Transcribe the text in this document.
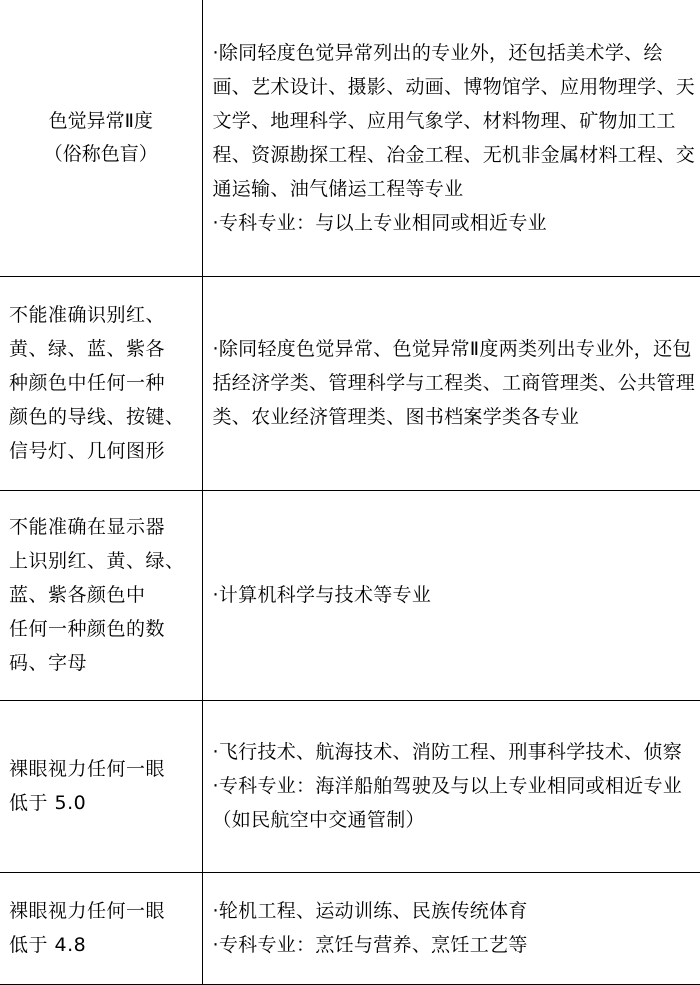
色觉异常Ⅱ度
（俗称色盲）	·除同轻度色觉异常列出的专业外，还包括美术学、绘画、艺术设计、摄影、动画、博物馆学、应用物理学、天文学、地理科学、应用气象学、材料物理、矿物加工工程、资源勘探工程、冶金工程、无机非金属材料工程、交通运输、油气储运工程等专业
·专科专业：与以上专业相同或相近专业

不能准确识别红、
黄、绿、蓝、紫各
种颜色中任何一种
颜色的导线、按键、
信号灯、几何图形	·除同轻度色觉异常、色觉异常Ⅱ度两类列出专业外，还包括经济学类、管理科学与工程类、工商管理类、公共管理类、农业经济管理类、图书档案学类各专业

不能准确在显示器
上识别红、黄、绿、
蓝、紫各颜色中
任何一种颜色的数
码、字母	·计算机科学与技术等专业

裸眼视力任何一眼
低于 5.0	·飞行技术、航海技术、消防工程、刑事科学技术、侦察
·专科专业：海洋船舶驾驶及与以上专业相同或相近专业（如民航空中交通管制）

裸眼视力任何一眼
低于 4.8	·轮机工程、运动训练、民族传统体育
·专科专业：烹饪与营养、烹饪工艺等
